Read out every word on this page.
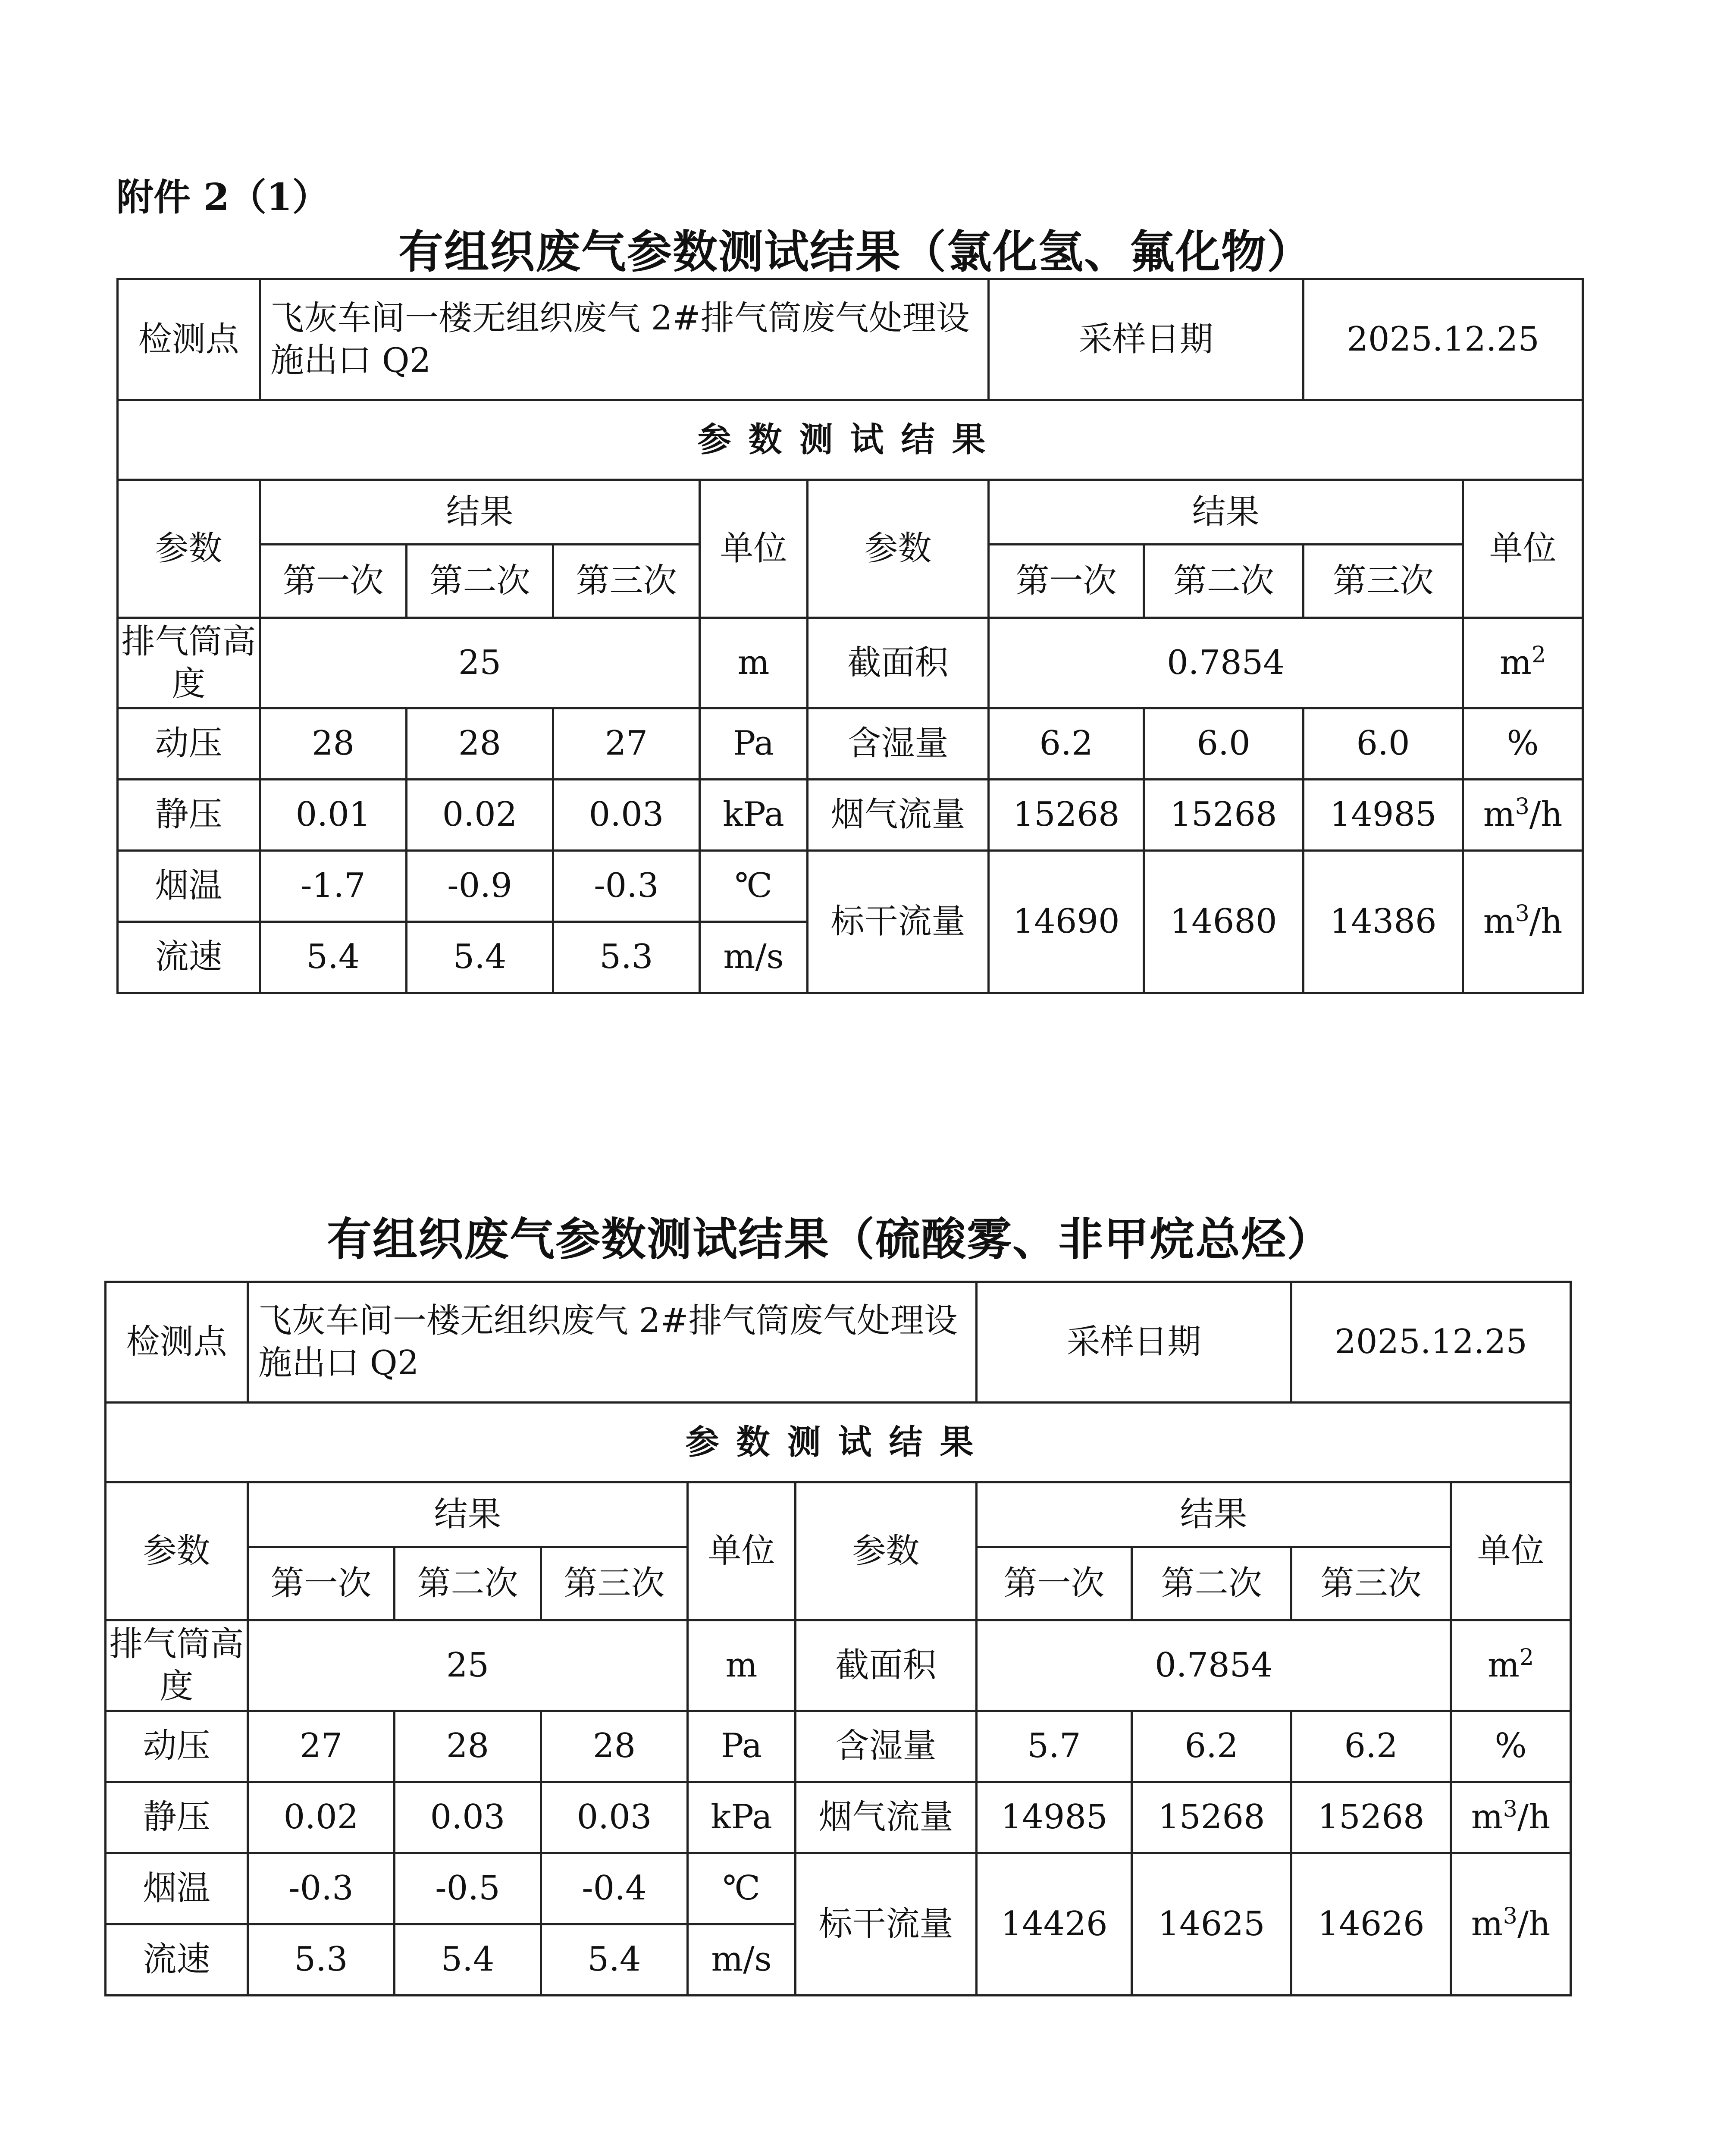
附件 2（1）
有组织废气参数测试结果（氯化氢、氟化物）
有组织废气参数测试结果（硫酸雾、非甲烷总烃）
检测点	飞灰车间一楼无组织废气 2#排气筒废气处理设施出口 Q2					采样日期		2025.12.25	
参数测试结果									
参数	结果			单位	参数	结果			单位
	第一次	第二次	第三次			第一次	第二次	第三次	
排气筒高度	25			m	截面积	0.7854			$m^2$
动压	28	28	27	Pa	含湿量	6.2	6.0	6.0	%
静压	0.01	0.02	0.03	kPa	烟气流量	15268	15268	14985	$m^3/h$
烟温	-1.7	-0.9	-0.3	℃	标干流量	14690	14680	14386	$m^3/h$
流速	5.4	5.4	5.3	m/s					
检测点	飞灰车间一楼无组织废气 2#排气筒废气处理设施出口 Q2					采样日期		2025.12.25	
参数测试结果									
参数	结果			单位	参数	结果			单位
	第一次	第二次	第三次			第一次	第二次	第三次	
排气筒高度	25			m	截面积	0.7854			$m^2$
动压	27	28	28	Pa	含湿量	5.7	6.2	6.2	%
静压	0.02	0.03	0.03	kPa	烟气流量	14985	15268	15268	$m^3/h$
烟温	-0.3	-0.5	-0.4	℃	标干流量	14426	14625	14626	$m^3/h$
流速	5.3	5.4	5.4	m/s					
